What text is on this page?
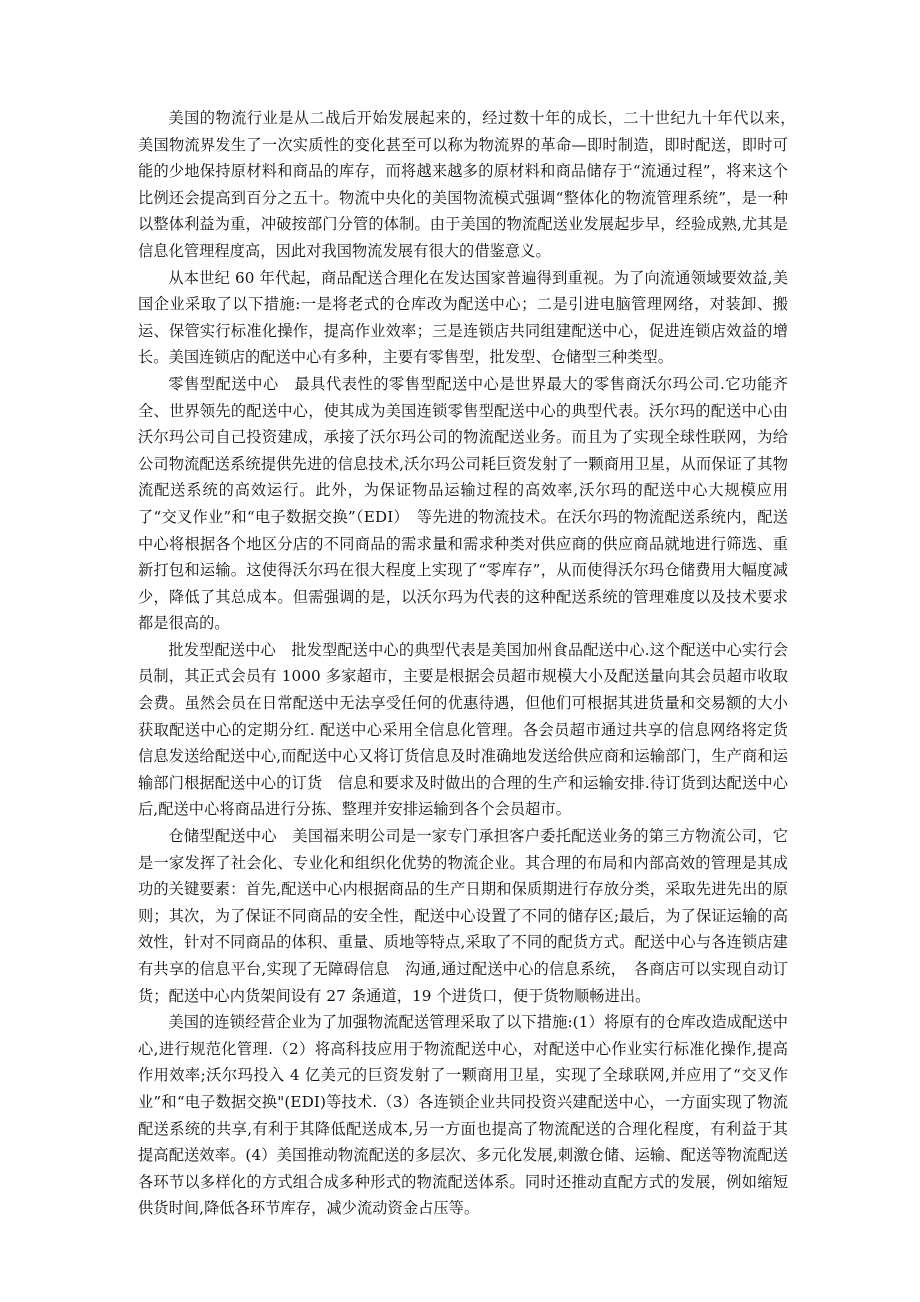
美国的物流行业是从二战后开始发展起来的，经过数十年的成长，二十世纪九十年代以来，　美国物流界发生了一次实质性的变化甚至可以称为物流界的革命—即时制造，即时配送，即时可能的少地保持原材料和商品的库存，而将越来越多的原材料和商品储存于“流通过程”，将来这个比例还会提高到百分之五十。物流中央化的美国物流模式强调“整体化的物流管理系统”，是一种以整体利益为重，冲破按部门分管的体制。由于美国的物流配送业发展起步早，经验成熟,尤其是信息化管理程度高，因此对我国物流发展有很大的借鉴意义。

从本世纪 60 年代起，商品配送合理化在发达国家普遍得到重视。为了向流通领域要效益,美国企业采取了以下措施:一是将老式的仓库改为配送中心；二是引进电脑管理网络，对装卸、搬运、保管实行标准化操作，提高作业效率；三是连锁店共同组建配送中心，促进连锁店效益的增长。美国连锁店的配送中心有多种，主要有零售型，批发型、仓储型三种类型。

零售型配送中心　最具代表性的零售型配送中心是世界最大的零售商沃尔玛公司.它功能齐全、世界领先的配送中心，使其成为美国连锁零售型配送中心的典型代表。沃尔玛的配送中心由沃尔玛公司自己投资建成，承接了沃尔玛公司的物流配送业务。而且为了实现全球性联网，为给公司物流配送系统提供先进的信息技术,沃尔玛公司耗巨资发射了一颗商用卫星，从而保证了其物流配送系统的高效运行。此外，为保证物品运输过程的高效率,沃尔玛的配送中心大规模应用了“交叉作业”和“电子数据交换”（EDI）　等先进的物流技术。在沃尔玛的物流配送系统内，配送中心将根据各个地区分店的不同商品的需求量和需求种类对供应商的供应商品就地进行筛选、重新打包和运输。这使得沃尔玛在很大程度上实现了“零库存”，从而使得沃尔玛仓储费用大幅度减少，降低了其总成本。但需强调的是，以沃尔玛为代表的这种配送系统的管理难度以及技术要求都是很高的。

批发型配送中心　批发型配送中心的典型代表是美国加州食品配送中心.这个配送中心实行会员制，其正式会员有 1000 多家超市，主要是根据会员超市规模大小及配送量向其会员超市收取会费。虽然会员在日常配送中无法享受任何的优惠待遇，但他们可根据其进货量和交易额的大小获取配送中心的定期分红. 配送中心采用全信息化管理。各会员超市通过共享的信息网络将定货信息发送给配送中心,而配送中心又将订货信息及时准确地发送给供应商和运输部门，生产商和运输部门根据配送中心的订货　信息和要求及时做出的合理的生产和运输安排.待订货到达配送中心后,配送中心将商品进行分拣、整理并安排运输到各个会员超市。

仓储型配送中心　美国福来明公司是一家专门承担客户委托配送业务的第三方物流公司，它是一家发挥了社会化、专业化和组织化优势的物流企业。其合理的布局和内部高效的管理是其成功的关键要素：首先,配送中心内根据商品的生产日期和保质期进行存放分类，采取先进先出的原则；其次，为了保证不同商品的安全性，配送中心设置了不同的储存区;最后，为了保证运输的高效性，针对不同商品的体积、重量、质地等特点,采取了不同的配货方式。配送中心与各连锁店建有共享的信息平台,实现了无障碍信息　沟通,通过配送中心的信息系统，　各商店可以实现自动订货；配送中心内货架间设有 27 条通道，19 个进货口，便于货物顺畅进出。

美国的连锁经营企业为了加强物流配送管理采取了以下措施:(1）将原有的仓库改造成配送中心,进行规范化管理.（2）将高科技应用于物流配送中心，对配送中心作业实行标准化操作,提高作用效率;沃尔玛投入 4 亿美元的巨资发射了一颗商用卫星，实现了全球联网,并应用了“交叉作业”和“电子数据交换"(EDI)等技术.（3）各连锁企业共同投资兴建配送中心，一方面实现了物流配送系统的共享,有利于其降低配送成本,另一方面也提高了物流配送的合理化程度，有利益于其提高配送效率。(4）美国推动物流配送的多层次、多元化发展,刺激仓储、运输、配送等物流配送各环节以多样化的方式组合成多种形式的物流配送体系。同时还推动直配方式的发展，例如缩短供货时间,降低各环节库存，减少流动资金占压等。
